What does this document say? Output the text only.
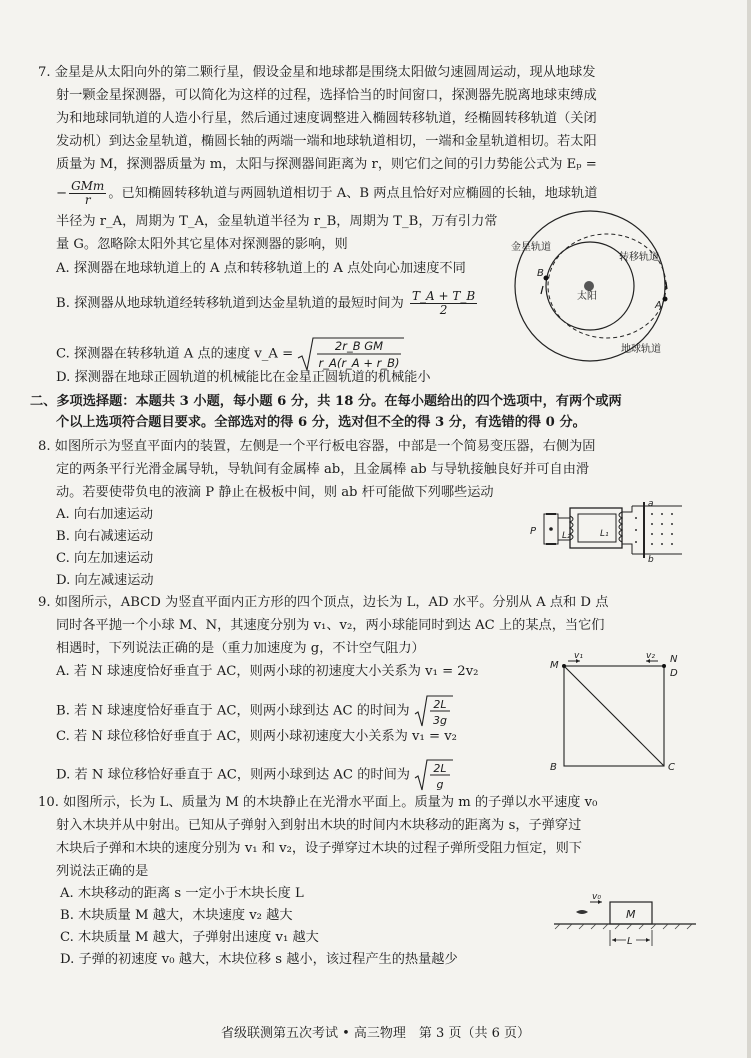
7. 金星是从太阳向外的第二颗行星，假设金星和地球都是围绕太阳做匀速圆周运动，现从地球发
射一颗金星探测器，可以简化为这样的过程，选择恰当的时间窗口，探测器先脱离地球束缚成
为和地球同轨道的人造小行星，然后通过速度调整进入椭圆转移轨道，经椭圆转移轨道（关闭
发动机）到达金星轨道，椭圆长轴的两端一端和地球轨道相切，一端和金星轨道相切。若太阳
质量为 M，探测器质量为 m，太阳与探测器间距离为 r，则它们之间的引力势能公式为 Eₚ =
− $\frac{\text{GMm}}{r}$ 。已知椭圆转移轨道与两圆轨道相切于 A、B 两点且恰好对应椭圆的长轴，地球轨道
半径为 r_A，周期为 T_A，金星轨道半径为 r_B，周期为 T_B，万有引力常
量 G。忽略除太阳外其它星体对探测器的影响，则
A. 探测器在地球轨道上的 A 点和转移轨道上的 A 点处向心加速度不同
B. 探测器从地球轨道经转移轨道到达金星轨道的最短时间为 $\frac{T\_A + T\_B}{2}$
C. 探测器在转移轨道 A 点的速度 v_A =
2r_B GM
r_A(r_A + r_B)
D. 探测器在地球正圆轨道的机械能比在金星正圆轨道的机械能小
太阳
B
A
金星轨道
转移轨道
地球轨道
二、多项选择题：本题共 3 小题，每小题 6 分，共 18 分。在每小题给出的四个选项中，有两个或两
个以上选项符合题目要求。全部选对的得 6 分，选对但不全的得 3 分，有选错的得 0 分。
8. 如图所示为竖直平面内的装置，左侧是一个平行板电容器，中部是一个简易变压器，右侧为固
定的两条平行光滑金属导轨，导轨间有金属棒 ab，且金属棒 ab 与导轨接触良好并可自由滑
动。若要使带负电的液滴 P 静止在极板中间，则 ab 杆可能做下列哪些运动
A. 向右加速运动
B. 向右减速运动
C. 向左加速运动
D. 向左减速运动
P	L₂	L₁
a
b
9. 如图所示，ABCD 为竖直平面内正方形的四个顶点，边长为 L，AD 水平。分别从 A 点和 D 点
同时各平抛一个小球 M、N，其速度分别为 v₁、v₂，两小球能同时到达 AC 上的某点，当它们
相遇时，下列说法正确的是（重力加速度为 g，不计空气阻力）
A. 若 N 球速度恰好垂直于 AC，则两小球的初速度大小关系为 v₁ = 2v₂
B. 若 N 球速度恰好垂直于 AC，则两小球到达 AC 的时间为 2L
3g
C. 若 N 球位移恰好垂直于 AC，则两小球初速度大小关系为 v₁ = v₂
D. 若 N 球位移恰好垂直于 AC，则两小球到达 AC 的时间为 2L
g
M
N
D
B	C
v₁	v₂
10. 如图所示，长为 L、质量为 M 的木块静止在光滑水平面上。质量为 m 的子弹以水平速度 v₀
射入木块并从中射出。已知从子弹射入到射出木块的时间内木块移动的距离为 s，子弹穿过
木块后子弹和木块的速度分别为 v₁ 和 v₂，设子弹穿过木块的过程子弹所受阻力恒定，则下
列说法正确的是
A. 木块移动的距离 s 一定小于木块长度 L
B. 木块质量 M 越大，木块速度 v₂ 越大
C. 木块质量 M 越大，子弹射出速度 v₁ 越大
D. 子弹的初速度 v₀ 越大，木块位移 s 越小，该过程产生的热量越少
v₀
M
L
省级联测第五次考试 • 高三物理　第 3 页（共 6 页）
